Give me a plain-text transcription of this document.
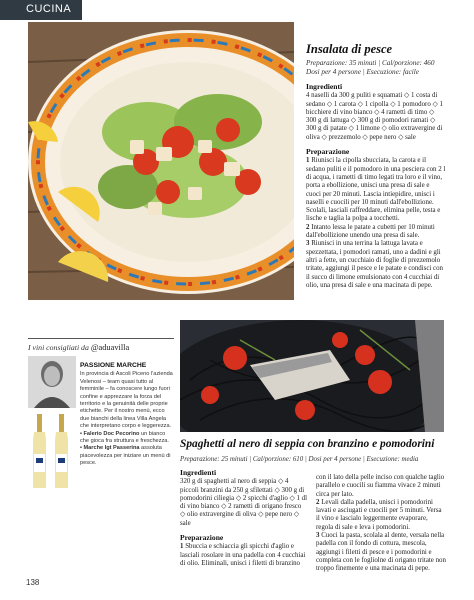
CUCINA
Insalata di pesce
Preparazione: 35 minuti | Cal/porzione: 460
Dosi per 4 persone | Esecuzione: facile
Ingredienti
4 naselli da 300 g puliti e squamati ◇ 1 costa di sedano ◇ 1 carota ◇ 1 cipolla ◇ 1 pomodoro ◇ 1 bicchiere di vino bianco ◇ 4 rametti di timo ◇ 300 g di lattuga ◇ 300 g di pomodori ramati ◇ 300 g di patate ◇ 1 limone ◇ olio extravergine di oliva ◇ prezzemolo ◇ pepe nero ◇ sale
Preparazione
1 Riunisci la cipolla sbucciata, la carota e il sedano puliti e il pomodoro in una pesciera con 2 l di acqua, i rametti di timo legati tra loro e il vino, porta a ebollizione, unisci una presa di sale e cuoci per 20 minuti. Lascia intiepidire, unisci i naselli e cuocili per 10 minuti dall'ebollizione. Scolali, lasciali raffreddare, elimina pelle, testa e lische e taglia la polpa a tocchetti.
2 Intanto lessa le patate a cubetti per 10 minuti dall'ebollizione unendo una presa di sale.
3 Riunisci in una terrina la lattuga lavata e spezzettata, i pomodori ramati, uno a dadini e gli altri a fette, un cucchiaio di foglie di prezzemolo tritate, aggiungi il pesce e le patate e condisci con il succo di limone emulsionato con 4 cucchiai di olio, una presa di sale e una macinata di pepe.
I vini consigliati da @aduavilla
PASSIONE MARCHE
In provincia di Ascoli Piceno l'azienda Velenosi – team quasi tutto al femminile – fa conoscere lungo fuori confine e apprezzare la forza del territorio e la genuinità delle proprie etichette. Per il nostro menù, ecco due bianchi della linea Villa Angela che interpretano corpo e leggerezza.
• Falerio Doc Pecorino un bianco che gioca fra struttura e freschezza.
• Marche Igt Passerina assoluta piacevolezza per iniziare un menù di pesce.
Spaghetti al nero di seppia con branzino e pomodorini
Preparazione: 25 minuti | Cal/porzione: 610 | Dosi per 4 persone | Esecuzione: media
Ingredienti
320 g di spaghetti al nero di seppia ◇ 4 piccoli branzini da 250 g sfilettati ◇ 300 g di pomodorini ciliegia ◇ 2 spicchi d'aglio ◇ 1 dl di vino bianco ◇ 2 rametti di origano fresco ◇ olio extravergine di oliva ◇ pepe nero ◇ sale
Preparazione
1 Sbuccia e schiaccia gli spicchi d'aglio e lasciali rosolare in una padella con 4 cucchiai di olio. Eliminali, unisci i filetti di branzino
con il lato della pelle inciso con qualche taglio parallelo e cuocili su fiamma vivace 2 minuti circa per lato.
2 Levali dalla padella, unisci i pomodorini lavati e asciugati e cuocili per 5 minuti. Versa il vino e lascialo leggermente evaporare, regola di sale e leva i pomodorini.
3 Cuoci la pasta, scolala al dente, versala nella padella con il fondo di cottura, mescola, aggiungi i filetti di pesce e i pomodorini e completa con le fogliolne di origano tritate non troppo finemente e una macinata di pepe.
138
